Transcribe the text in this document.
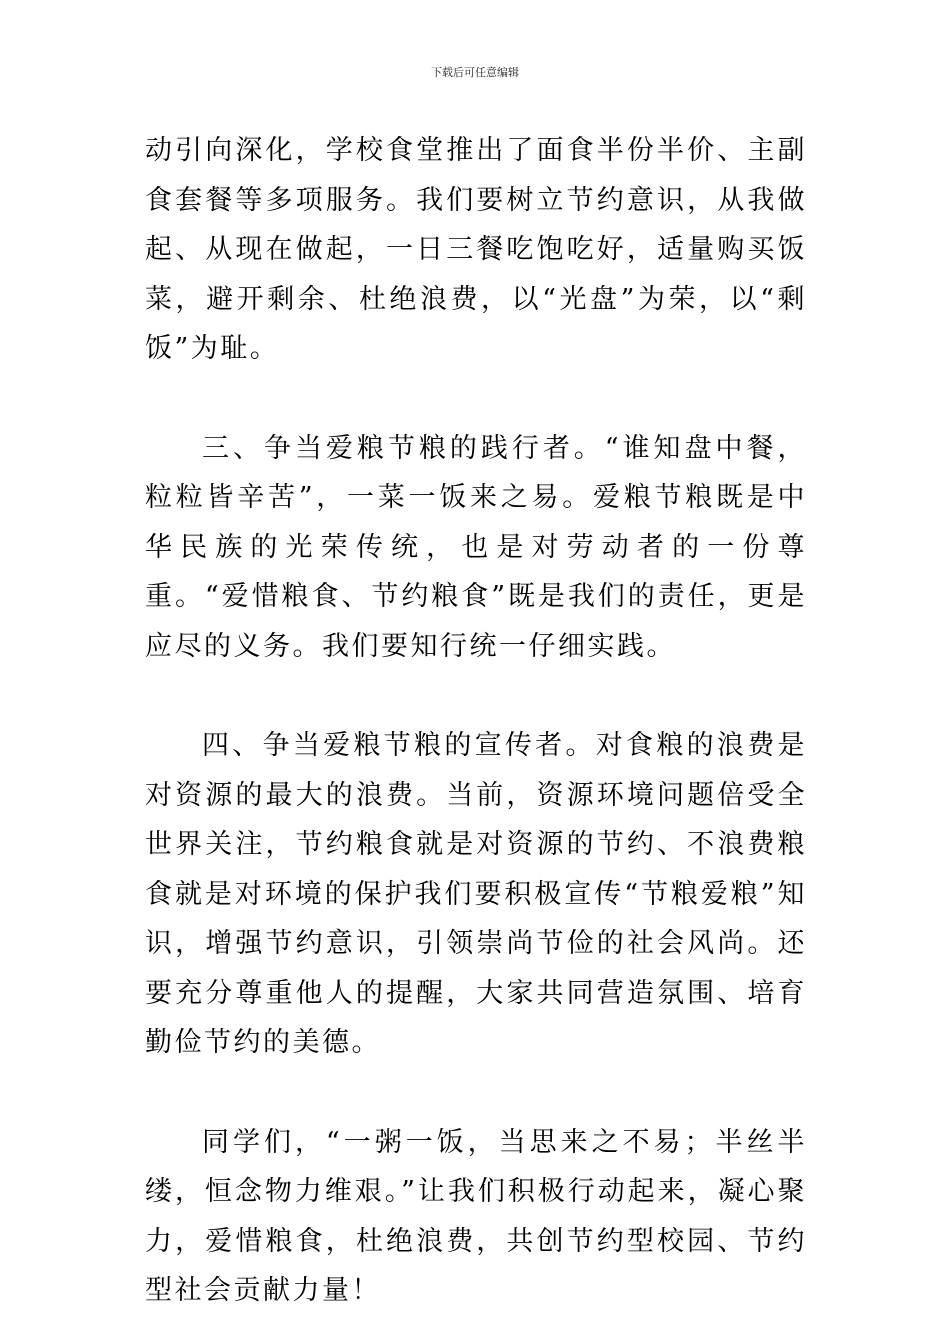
下载后可任意编辑

动引向深化，学校食堂推出了面食半份半价、主副食套餐等多项服务。我们要树立节约意识，从我做起、从现在做起，一日三餐吃饱吃好，适量购买饭菜，避开剩余、杜绝浪费，以“光盘”为荣，以“剩饭”为耻。

三、争当爱粮节粮的践行者。“谁知盘中餐，粒粒皆辛苦”，一菜一饭来之易。爱粮节粮既是中华民族的光荣传统，也是对劳动者的一份尊重。“爱惜粮食、节约粮食”既是我们的责任，更是应尽的义务。我们要知行统一仔细实践。

四、争当爱粮节粮的宣传者。对食粮的浪费是对资源的最大的浪费。当前，资源环境问题倍受全世界关注，节约粮食就是对资源的节约、不浪费粮食就是对环境的保护我们要积极宣传“节粮爱粮”知识，增强节约意识，引领崇尚节俭的社会风尚。还要充分尊重他人的提醒，大家共同营造氛围、培育勤俭节约的美德。

同学们，“一粥一饭，当思来之不易；半丝半缕，恒念物力维艰。”让我们积极行动起来，凝心聚力，爱惜粮食，杜绝浪费，共创节约型校园、节约型社会贡献力量！
